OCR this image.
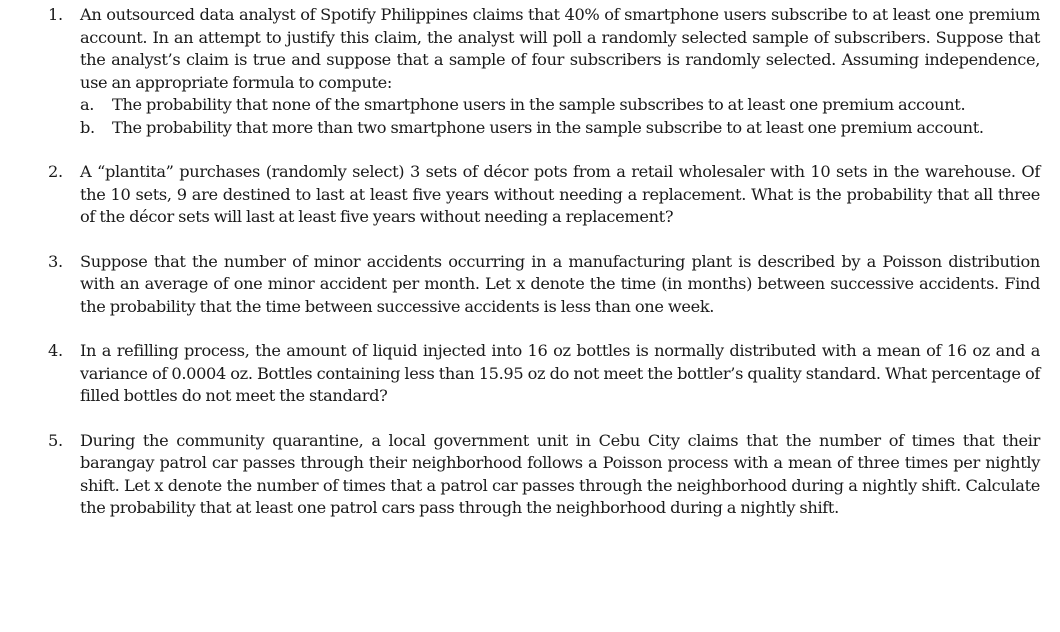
1.	An outsourced data analyst of Spotify Philippines claims that 40% of smartphone users subscribe to at least one premium account. In an attempt to justify this claim, the analyst will poll a randomly selected sample of subscribers. Suppose that the analyst’s claim is true and suppose that a sample of four subscribers is randomly selected. Assuming independence, use an appropriate formula to compute:
a.	The probability that none of the smartphone users in the sample subscribes to at least one premium account.
b.	The probability that more than two smartphone users in the sample subscribe to at least one premium account.
2.	A “plantita” purchases (randomly select) 3 sets of décor pots from a retail wholesaler with 10 sets in the warehouse. Of the 10 sets, 9 are destined to last at least five years without needing a replacement. What is the probability that all three of the décor sets will last at least five years without needing a replacement?
3.	Suppose that the number of minor accidents occurring in a manufacturing plant is described by a Poisson distribution with an average of one minor accident per month. Let x denote the time (in months) between successive accidents. Find the probability that the time between successive accidents is less than one week.
4.	In a refilling process, the amount of liquid injected into 16 oz bottles is normally distributed with a mean of 16 oz and a variance of 0.0004 oz. Bottles containing less than 15.95 oz do not meet the bottler’s quality standard. What percentage of filled bottles do not meet the standard?
5.	During the community quarantine, a local government unit in Cebu City claims that the number of times that their barangay patrol car passes through their neighborhood follows a Poisson process with a mean of three times per nightly shift. Let x denote the number of times that a patrol car passes through the neighborhood during a nightly shift. Calculate the probability that at least one patrol cars pass through the neighborhood during a nightly shift.
